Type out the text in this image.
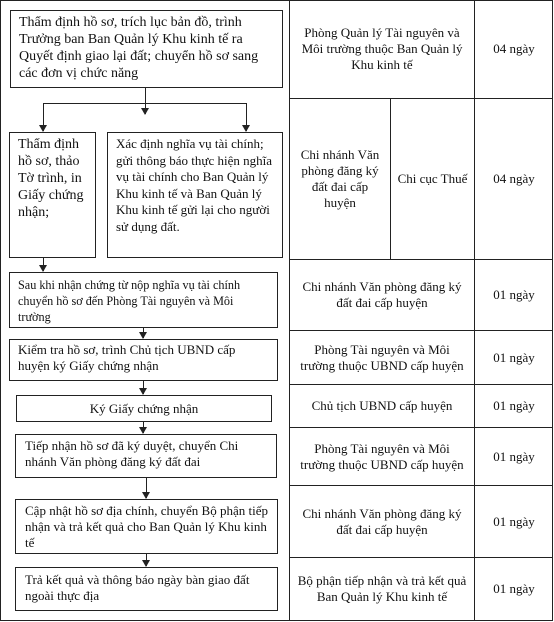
Thẩm định hồ sơ, trích lục bản đồ, trình Trưởng ban Ban Quản lý Khu kinh tế ra Quyết định giao lại đất; chuyển hồ sơ sang các đơn vị chức năng
Thẩm định hồ sơ, thảo Tờ trình, in Giấy chứng nhận;
Xác định nghĩa vụ tài chính; gửi thông báo thực hiện nghĩa vụ tài chính cho Ban Quản lý Khu kinh tế và Ban Quản lý Khu kinh tế gửi lại cho người sử dụng đất.
Sau khi nhận chứng từ nộp nghĩa vụ tài chính chuyển hồ sơ đến Phòng Tài nguyên và Môi trường
Kiểm tra hồ sơ, trình Chủ tịch UBND cấp huyện ký Giấy chứng nhận
Ký Giấy chứng nhận
Tiếp nhận hồ sơ đã ký duyệt, chuyển Chi nhánh Văn phòng đăng ký đất đai
Cập nhật hồ sơ địa chính, chuyển Bộ phận tiếp nhận và trả kết quả cho Ban Quản lý Khu kinh tế
Trả kết quả và thông báo ngày bàn giao đất ngoài thực địa
Phòng Quản lý Tài nguyên và Môi trường thuộc Ban Quản lý Khu kinh tế
04 ngày
Chi nhánh Văn phòng đăng ký đất đai cấp huyện
Chi cục Thuế 04 ngày
Chi nhánh Văn phòng đăng ký đất đai cấp huyện
01 ngày
Phòng Tài nguyên và Môi trường thuộc UBND cấp huyện
01 ngày
Chủ tịch UBND cấp huyện	01 ngày
Phòng Tài nguyên và Môi trường thuộc UBND cấp huyện
01 ngày
Chi nhánh Văn phòng đăng ký đất đai cấp huyện
01 ngày
Bộ phận tiếp nhận và trả kết quả Ban Quản lý Khu kinh tế
01 ngày
